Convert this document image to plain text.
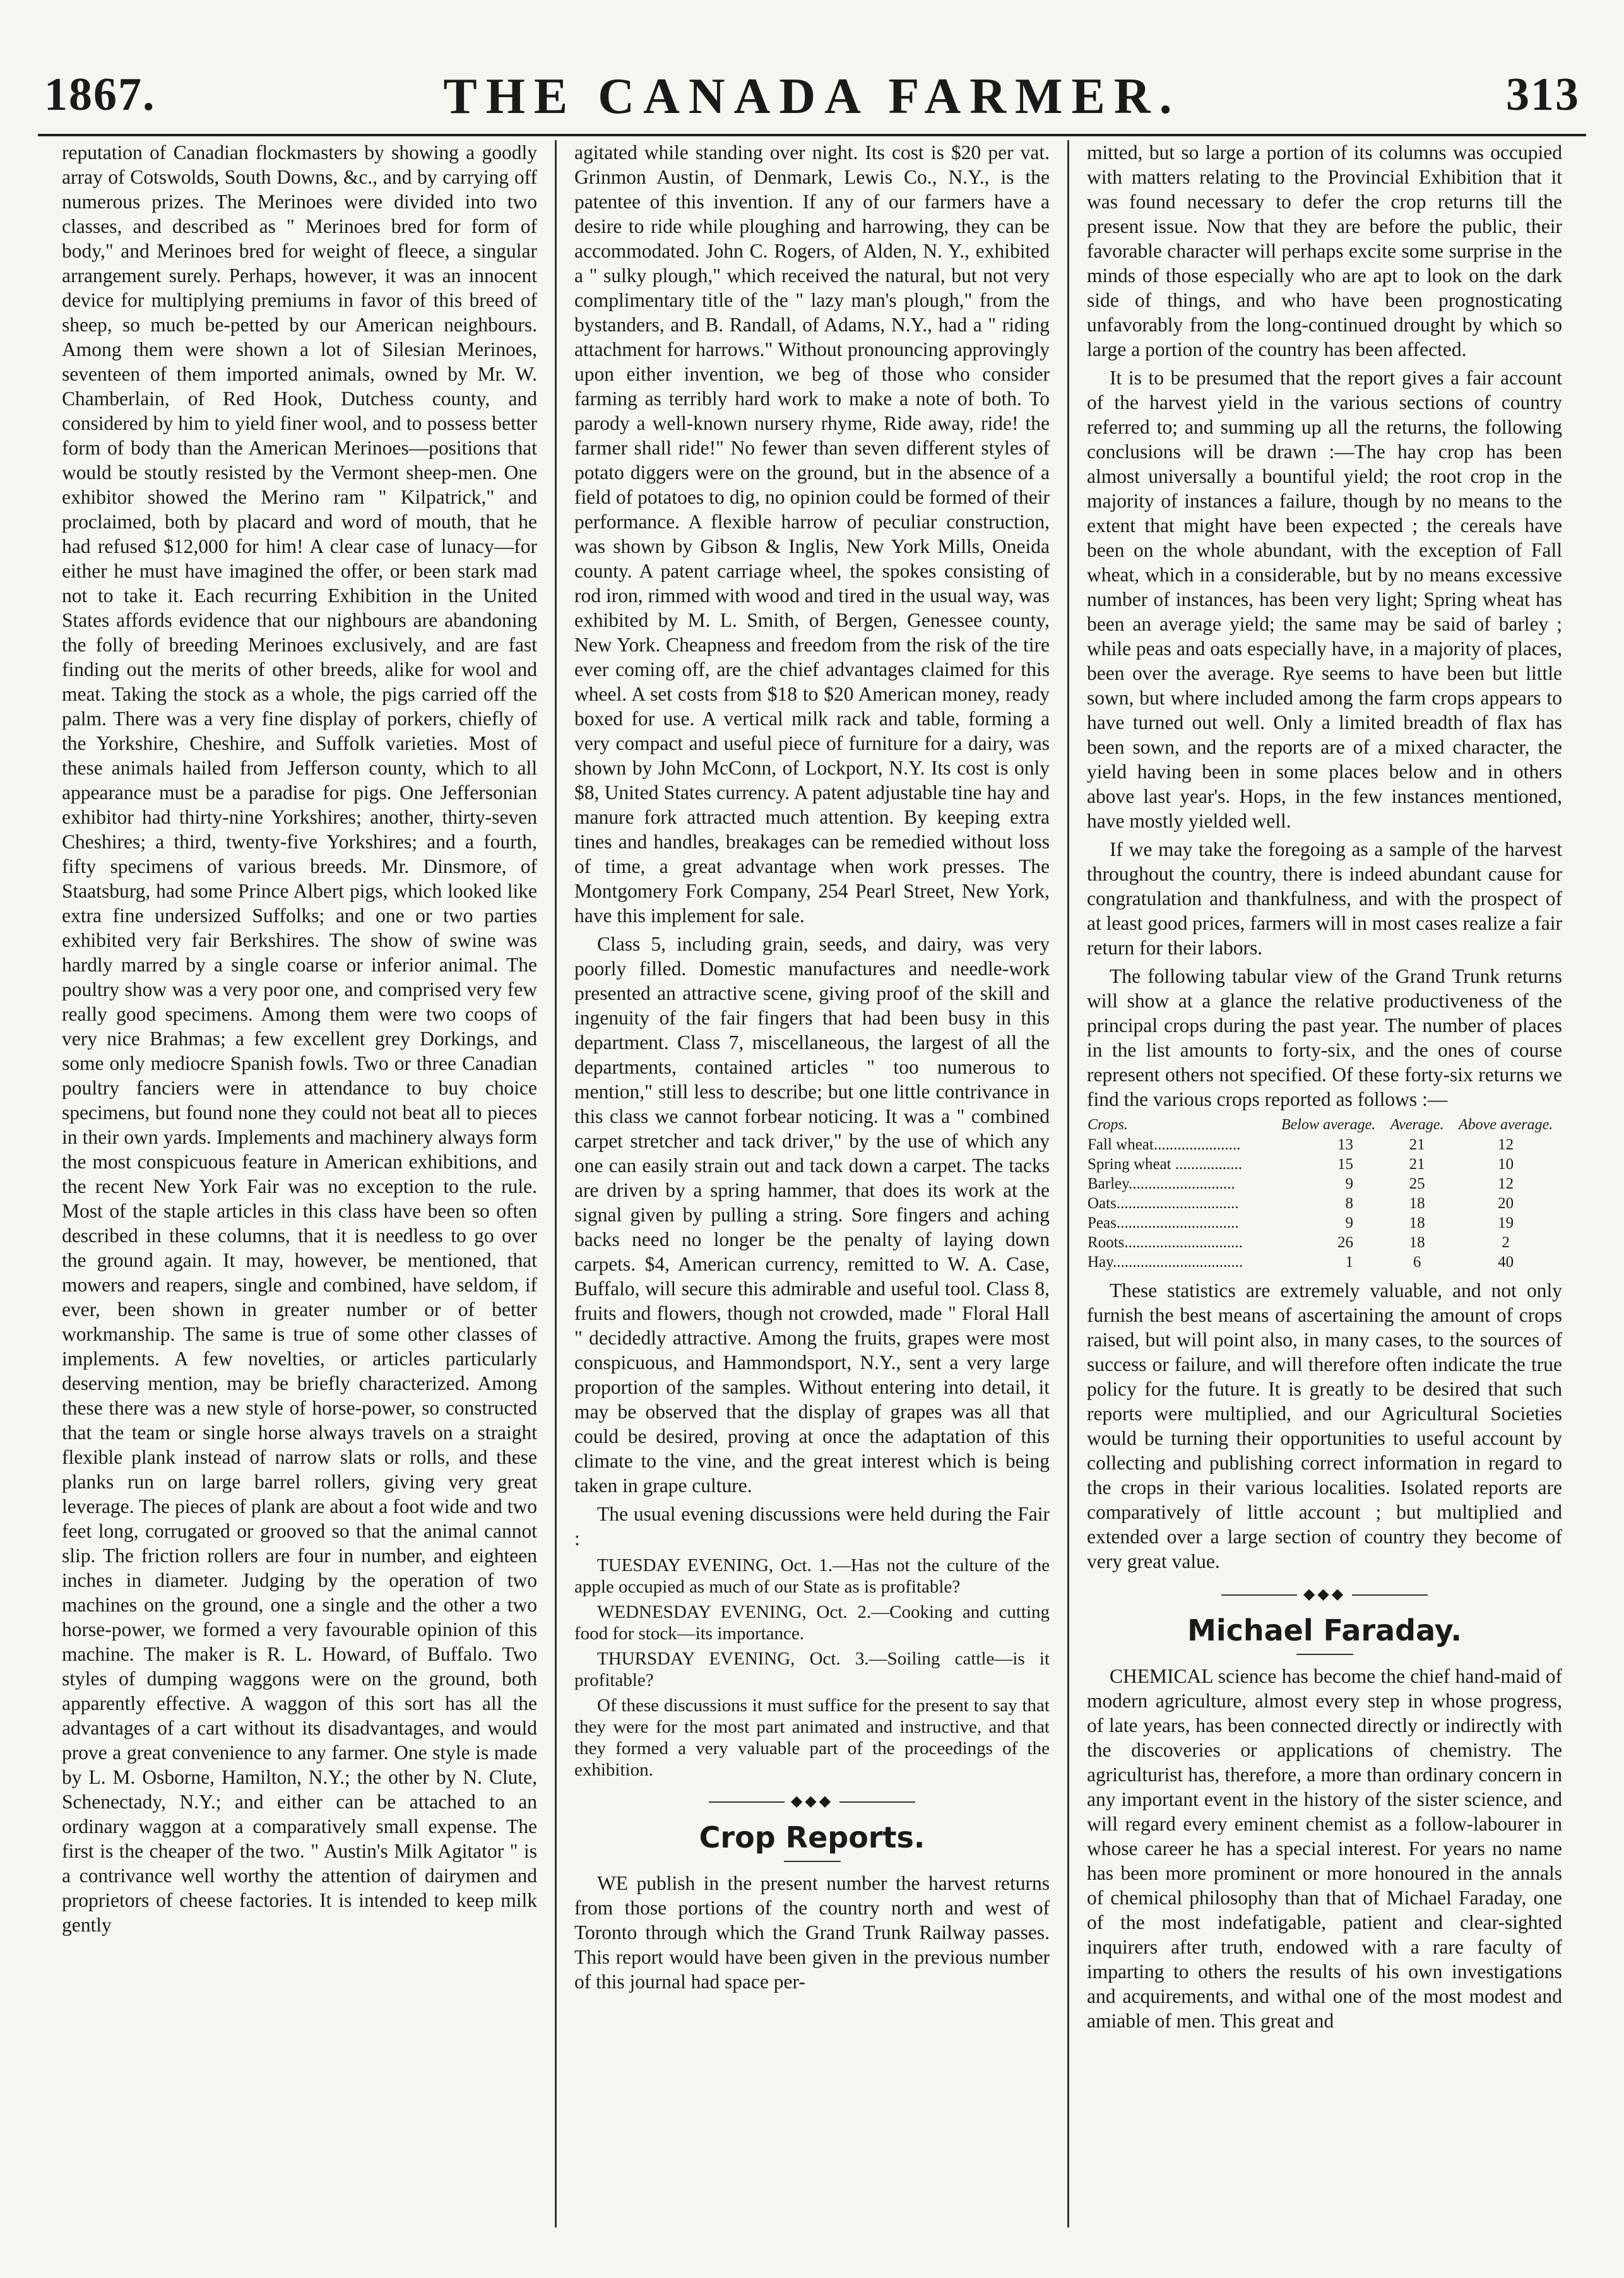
1867.	THE CANADA FARMER.	313

reputation of Canadian flockmasters by showing a goodly array of Cotswolds, South Downs, &c., and by carrying off numerous prizes. The Merinoes were divided into two classes, and described as " Merinoes bred for form of body," and Merinoes bred for weight of fleece, a singular arrangement surely. Perhaps, however, it was an innocent device for multiplying premiums in favor of this breed of sheep, so much be-petted by our American neighbours. Among them were shown a lot of Silesian Merinoes, seventeen of them imported animals, owned by Mr. W. Chamberlain, of Red Hook, Dutchess county, and considered by him to yield finer wool, and to possess better form of body than the American Merinoes—positions that would be stoutly resisted by the Vermont sheep-men. One exhibitor showed the Merino ram " Kilpatrick," and proclaimed, both by placard and word of mouth, that he had refused $12,000 for him! A clear case of lunacy—for either he must have imagined the offer, or been stark mad not to take it. Each recurring Exhibition in the United States affords evidence that our nighbours are abandoning the folly of breeding Merinoes exclusively, and are fast finding out the merits of other breeds, alike for wool and meat. Taking the stock as a whole, the pigs carried off the palm. There was a very fine display of porkers, chiefly of the Yorkshire, Cheshire, and Suffolk varieties. Most of these animals hailed from Jefferson county, which to all appearance must be a paradise for pigs. One Jeffersonian exhibitor had thirty-nine Yorkshires; another, thirty-seven Cheshires; a third, twenty-five Yorkshires; and a fourth, fifty specimens of various breeds. Mr. Dinsmore, of Staatsburg, had some Prince Albert pigs, which looked like extra fine undersized Suffolks; and one or two parties exhibited very fair Berkshires. The show of swine was hardly marred by a single coarse or inferior animal. The poultry show was a very poor one, and comprised very few really good specimens. Among them were two coops of very nice Brahmas; a few excellent grey Dorkings, and some only mediocre Spanish fowls. Two or three Canadian poultry fanciers were in attendance to buy choice specimens, but found none they could not beat all to pieces in their own yards. Implements and machinery always form the most conspicuous feature in American exhibitions, and the recent New York Fair was no exception to the rule. Most of the staple articles in this class have been so often described in these columns, that it is needless to go over the ground again. It may, however, be mentioned, that mowers and reapers, single and combined, have seldom, if ever, been shown in greater number or of better workmanship. The same is true of some other classes of implements. A few novelties, or articles particularly deserving mention, may be briefly characterized. Among these there was a new style of horse-power, so constructed that the team or single horse always travels on a straight flexible plank instead of narrow slats or rolls, and these planks run on large barrel rollers, giving very great leverage. The pieces of plank are about a foot wide and two feet long, corrugated or grooved so that the animal cannot slip. The friction rollers are four in number, and eighteen inches in diameter. Judging by the operation of two machines on the ground, one a single and the other a two horse-power, we formed a very favourable opinion of this machine. The maker is R. L. Howard, of Buffalo. Two styles of dumping waggons were on the ground, both apparently effective. A waggon of this sort has all the advantages of a cart without its disadvantages, and would prove a great convenience to any farmer. One style is made by L. M. Osborne, Hamilton, N.Y.; the other by N. Clute, Schenectady, N.Y.; and either can be attached to an ordinary waggon at a comparatively small expense. The first is the cheaper of the two. " Austin's Milk Agitator " is a contrivance well worthy the attention of dairymen and proprietors of cheese factories. It is intended to keep milk gently

agitated while standing over night. Its cost is $20 per vat. Grinmon Austin, of Denmark, Lewis Co., N.Y., is the patentee of this invention. If any of our farmers have a desire to ride while ploughing and harrowing, they can be accommodated. John C. Rogers, of Alden, N. Y., exhibited a " sulky plough," which received the natural, but not very complimentary title of the " lazy man's plough," from the bystanders, and B. Randall, of Adams, N.Y., had a " riding attachment for harrows." Without pronouncing approvingly upon either invention, we beg of those who consider farming as terribly hard work to make a note of both. To parody a well-known nursery rhyme, Ride away, ride! the farmer shall ride!" No fewer than seven different styles of potato diggers were on the ground, but in the absence of a field of potatoes to dig, no opinion could be formed of their performance. A flexible harrow of peculiar construction, was shown by Gibson & Inglis, New York Mills, Oneida county. A patent carriage wheel, the spokes consisting of rod iron, rimmed with wood and tired in the usual way, was exhibited by M. L. Smith, of Bergen, Genessee county, New York. Cheapness and freedom from the risk of the tire ever coming off, are the chief advantages claimed for this wheel. A set costs from $18 to $20 American money, ready boxed for use. A vertical milk rack and table, forming a very compact and useful piece of furniture for a dairy, was shown by John McConn, of Lockport, N.Y. Its cost is only $8, United States currency. A patent adjustable tine hay and manure fork attracted much attention. By keeping extra tines and handles, breakages can be remedied without loss of time, a great advantage when work presses. The Montgomery Fork Company, 254 Pearl Street, New York, have this implement for sale.

Class 5, including grain, seeds, and dairy, was very poorly filled. Domestic manufactures and needle-work presented an attractive scene, giving proof of the skill and ingenuity of the fair fingers that had been busy in this department. Class 7, miscellaneous, the largest of all the departments, contained articles " too numerous to mention," still less to describe; but one little contrivance in this class we cannot forbear noticing. It was a " combined carpet stretcher and tack driver," by the use of which any one can easily strain out and tack down a carpet. The tacks are driven by a spring hammer, that does its work at the signal given by pulling a string. Sore fingers and aching backs need no longer be the penalty of laying down carpets. $4, American currency, remitted to W. A. Case, Buffalo, will secure this admirable and useful tool. Class 8, fruits and flowers, though not crowded, made " Floral Hall " decidedly attractive. Among the fruits, grapes were most conspicuous, and Hammondsport, N.Y., sent a very large proportion of the samples. Without entering into detail, it may be observed that the display of grapes was all that could be desired, proving at once the adaptation of this climate to the vine, and the great interest which is being taken in grape culture.

The usual evening discussions were held during the Fair :

TUESDAY EVENING, Oct. 1.—Has not the culture of the apple occupied as much of our State as is profitable?

WEDNESDAY EVENING, Oct. 2.—Cooking and cutting food for stock—its importance.

THURSDAY EVENING, Oct. 3.—Soiling cattle—is it profitable?

Of these discussions it must suffice for the present to say that they were for the most part animated and instructive, and that they formed a very valuable part of the proceedings of the exhibition.

◆◆◆
Crop Reports.

WE publish in the present number the harvest returns from those portions of the country north and west of Toronto through which the Grand Trunk Railway passes. This report would have been given in the previous number of this journal had space per-

mitted, but so large a portion of its columns was occupied with matters relating to the Provincial Exhibition that it was found necessary to defer the crop returns till the present issue. Now that they are before the public, their favorable character will perhaps excite some surprise in the minds of those especially who are apt to look on the dark side of things, and who have been prognosticating unfavorably from the long-continued drought by which so large a portion of the country has been affected.

It is to be presumed that the report gives a fair account of the harvest yield in the various sections of country referred to; and summing up all the returns, the following conclusions will be drawn :—The hay crop has been almost universally a bountiful yield; the root crop in the majority of instances a failure, though by no means to the extent that might have been expected ; the cereals have been on the whole abundant, with the exception of Fall wheat, which in a considerable, but by no means excessive number of instances, has been very light; Spring wheat has been an average yield; the same may be said of barley ; while peas and oats especially have, in a majority of places, been over the average. Rye seems to have been but little sown, but where included among the farm crops appears to have turned out well. Only a limited breadth of flax has been sown, and the reports are of a mixed character, the yield having been in some places below and in others above last year's. Hops, in the few instances mentioned, have mostly yielded well.

If we may take the foregoing as a sample of the harvest throughout the country, there is indeed abundant cause for congratulation and thankfulness, and with the prospect of at least good prices, farmers will in most cases realize a fair return for their labors.

The following tabular view of the Grand Trunk returns will show at a glance the relative productiveness of the principal crops during the past year. The number of places in the list amounts to forty-six, and the ones of course represent others not specified. Of these forty-six returns we find the various crops reported as follows :—

Crops.	Below average.	Average.	Above average.
Fall wheat......................	13	21	12
Spring wheat .................	15	21	10
Barley...........................	9	25	12
Oats...............................	8	18	20
Peas...............................	9	18	19
Roots..............................	26	18	2
Hay.................................	1	6	40

These statistics are extremely valuable, and not only furnish the best means of ascertaining the amount of crops raised, but will point also, in many cases, to the sources of success or failure, and will therefore often indicate the true policy for the future. It is greatly to be desired that such reports were multiplied, and our Agricultural Societies would be turning their opportunities to useful account by collecting and publishing correct information in regard to the crops in their various localities. Isolated reports are comparatively of little account ; but multiplied and extended over a large section of country they become of very great value.

◆◆◆
Michael Faraday.

CHEMICAL science has become the chief hand-maid of modern agriculture, almost every step in whose progress, of late years, has been connected directly or indirectly with the discoveries or applications of chemistry. The agriculturist has, therefore, a more than ordinary concern in any important event in the history of the sister science, and will regard every eminent chemist as a follow-labourer in whose career he has a special interest. For years no name has been more prominent or more honoured in the annals of chemical philosophy than that of Michael Faraday, one of the most indefatigable, patient and clear-sighted inquirers after truth, endowed with a rare faculty of imparting to others the results of his own investigations and acquirements, and withal one of the most modest and amiable of men. This great and
